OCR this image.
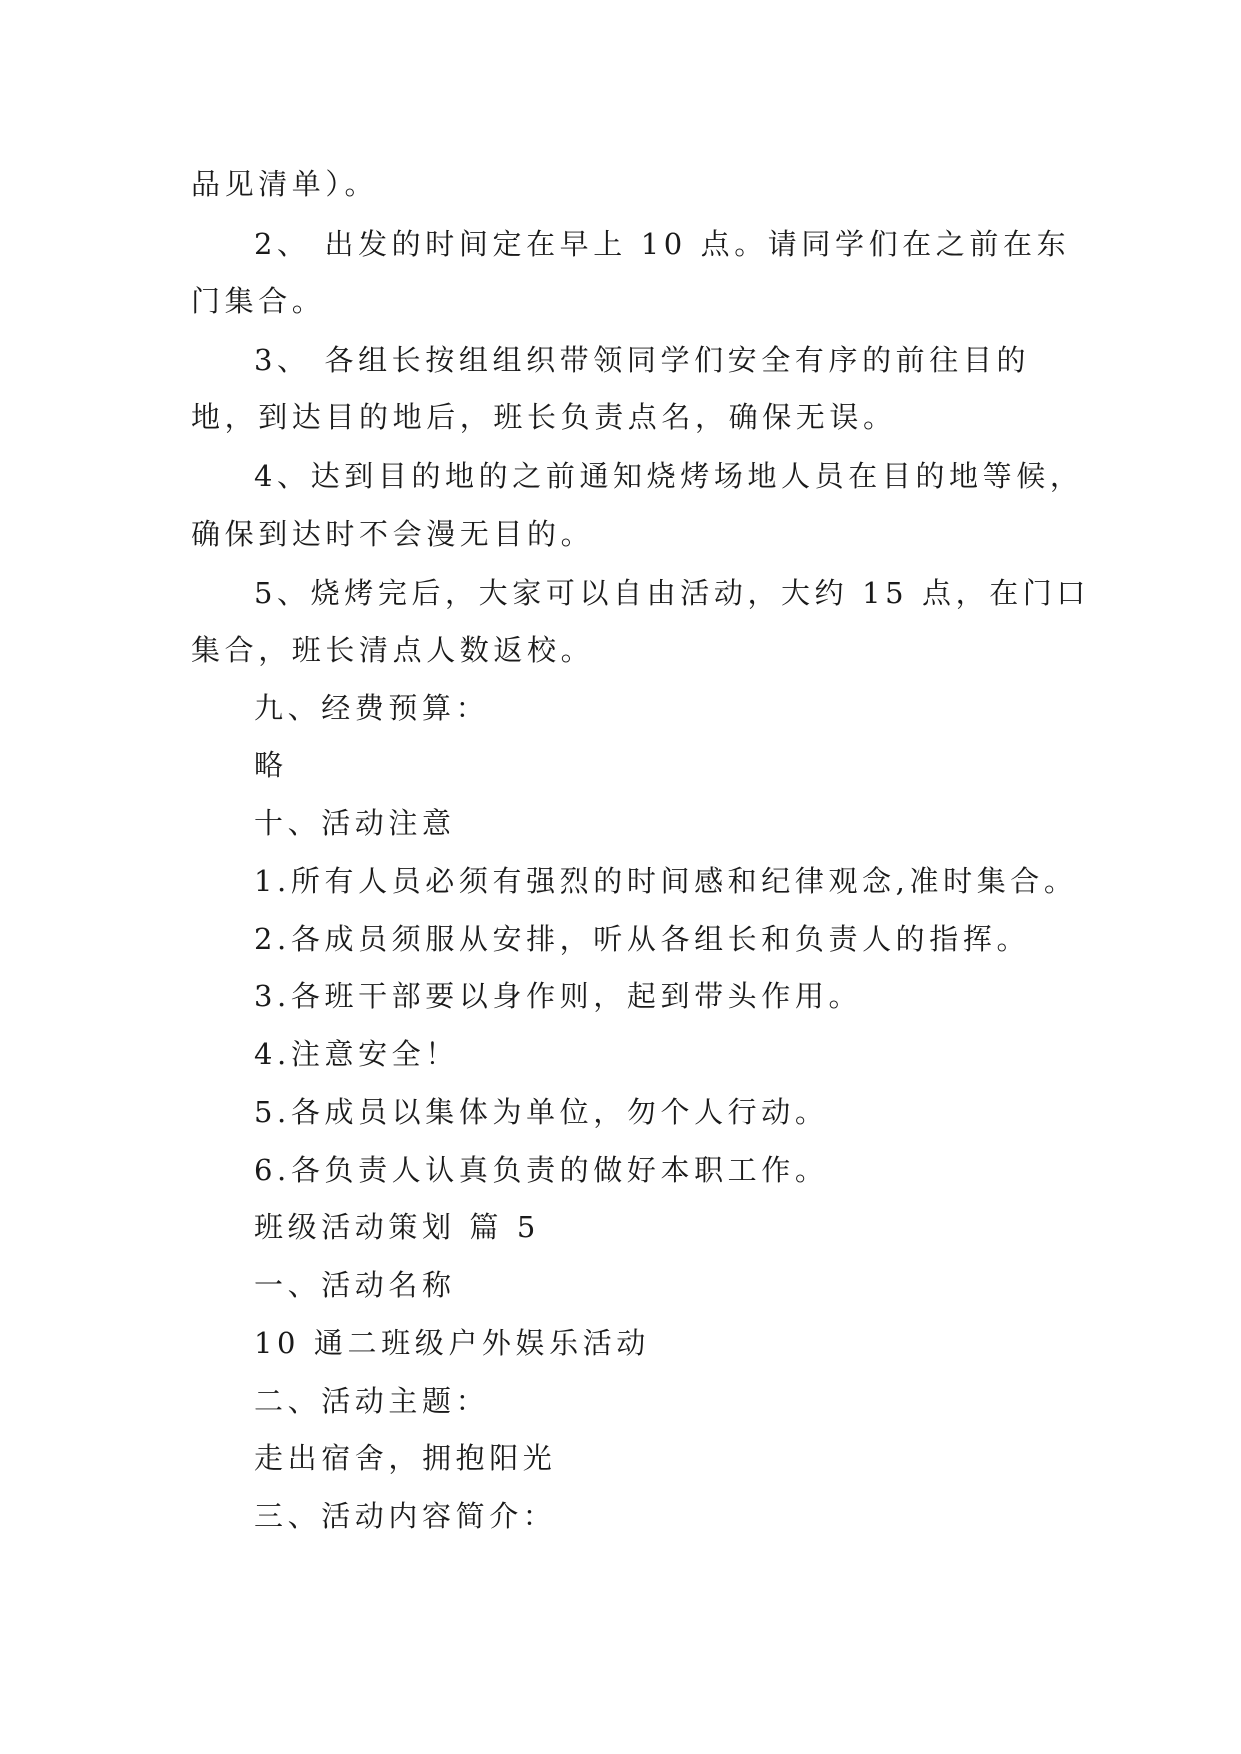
品见清单）。
2、 出发的时间定在早上 10 点。请同学们在之前在东
门集合。
3、 各组长按组组织带领同学们安全有序的前往目的
地，到达目的地后，班长负责点名，确保无误。
4、达到目的地的之前通知烧烤场地人员在目的地等候，
确保到达时不会漫无目的。
5、烧烤完后，大家可以自由活动，大约 15 点，在门口
集合，班长清点人数返校。
九、经费预算：
略
十、活动注意
1.所有人员必须有强烈的时间感和纪律观念,准时集合。
2.各成员须服从安排，听从各组长和负责人的指挥。
3.各班干部要以身作则，起到带头作用。
4.注意安全！
5.各成员以集体为单位，勿个人行动。
6.各负责人认真负责的做好本职工作。
班级活动策划 篇 5
一、活动名称
10 通二班级户外娱乐活动
二、活动主题：
走出宿舍，拥抱阳光
三、活动内容简介：
